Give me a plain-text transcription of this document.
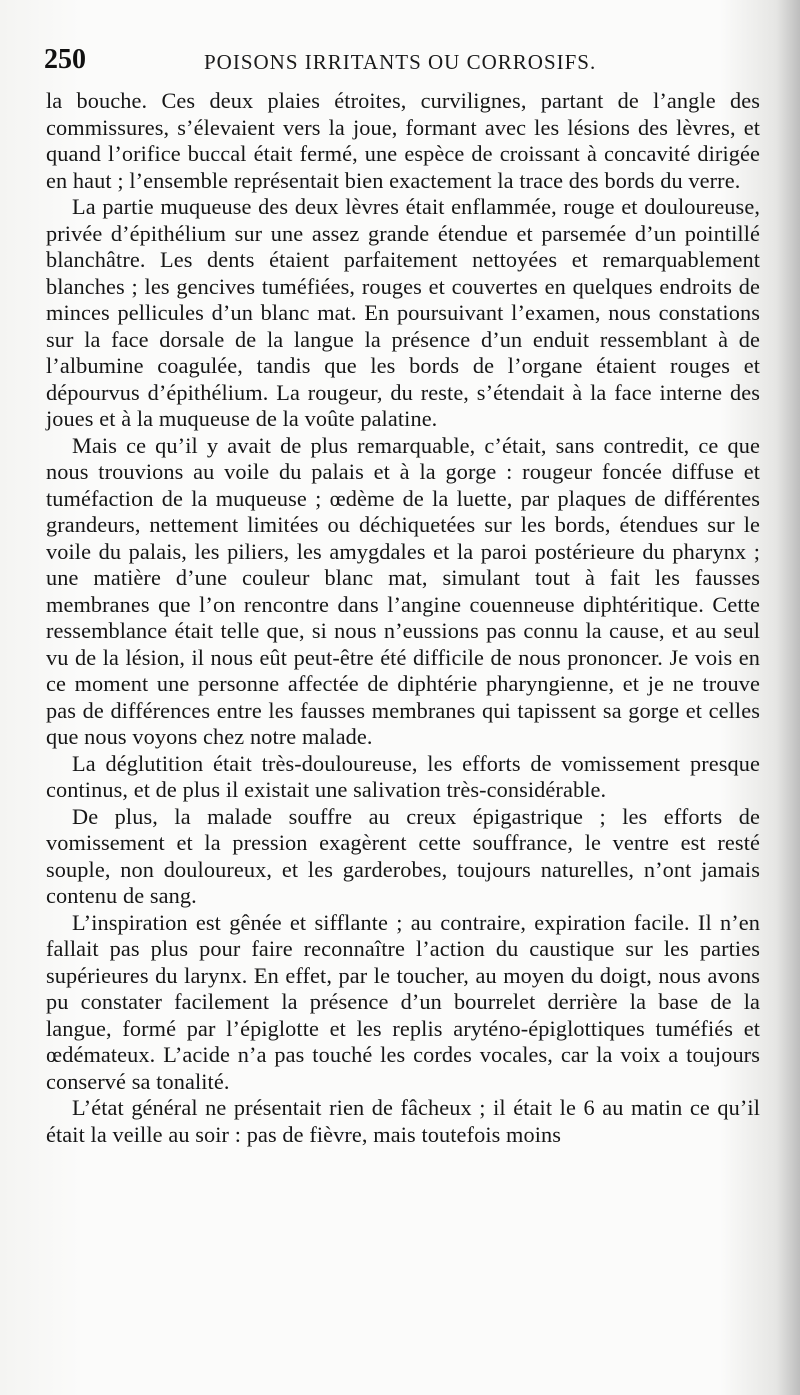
250	POISONS IRRITANTS OU CORROSIFS.

la bouche. Ces deux plaies étroites, curvilignes, partant de l’angle des commissures, s’élevaient vers la joue, formant avec les lésions des lèvres, et quand l’orifice buccal était fermé, une espèce de croissant à concavité dirigée en haut ; l’ensemble représentait bien exactement la trace des bords du verre.

La partie muqueuse des deux lèvres était enflammée, rouge et douloureuse, privée d’épithélium sur une assez grande étendue et parsemée d’un pointillé blanchâtre. Les dents étaient parfaitement nettoyées et remarquablement blanches ; les gencives tuméfiées, rouges et couvertes en quelques endroits de minces pellicules d’un blanc mat. En poursuivant l’examen, nous constations sur la face dorsale de la langue la présence d’un enduit ressemblant à de l’albumine coagulée, tandis que les bords de l’organe étaient rouges et dépourvus d’épithélium. La rougeur, du reste, s’étendait à la face interne des joues et à la muqueuse de la voûte palatine.

Mais ce qu’il y avait de plus remarquable, c’était, sans contredit, ce que nous trouvions au voile du palais et à la gorge : rougeur foncée diffuse et tuméfaction de la muqueuse ; œdème de la luette, par plaques de différentes grandeurs, nettement limitées ou déchiquetées sur les bords, étendues sur le voile du palais, les piliers, les amygdales et la paroi postérieure du pharynx ; une matière d’une couleur blanc mat, simulant tout à fait les fausses membranes que l’on rencontre dans l’angine couenneuse diphtéritique. Cette ressemblance était telle que, si nous n’eussions pas connu la cause, et au seul vu de la lésion, il nous eût peut-être été difficile de nous prononcer. Je vois en ce moment une personne affectée de diphtérie pharyngienne, et je ne trouve pas de différences entre les fausses membranes qui tapissent sa gorge et celles que nous voyons chez notre malade.

La déglutition était très-douloureuse, les efforts de vomissement presque continus, et de plus il existait une salivation très-considérable.

De plus, la malade souffre au creux épigastrique ; les efforts de vomissement et la pression exagèrent cette souffrance, le ventre est resté souple, non douloureux, et les garderobes, toujours naturelles, n’ont jamais contenu de sang.

L’inspiration est gênée et sifflante ; au contraire, expiration facile. Il n’en fallait pas plus pour faire reconnaître l’action du caustique sur les parties supérieures du larynx. En effet, par le toucher, au moyen du doigt, nous avons pu constater facilement la présence d’un bourrelet derrière la base de la langue, formé par l’épiglotte et les replis aryténo-épiglottiques tuméfiés et œdémateux. L’acide n’a pas touché les cordes vocales, car la voix a toujours conservé sa tonalité.

L’état général ne présentait rien de fâcheux ; il était le 6 au matin ce qu’il était la veille au soir : pas de fièvre, mais toutefois moins
